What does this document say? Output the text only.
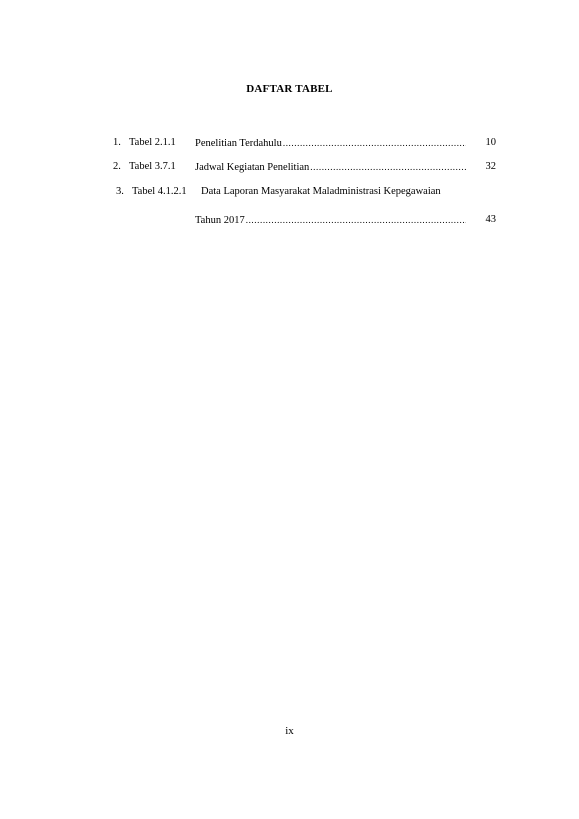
DAFTAR TABEL
1. Tabel 2.1.1 Penelitian Terdahulu .....	10
2. Tabel 3.7.1 Jadwal Kegiatan Penelitian .....	32
3. Tabel 4.1.2.1 Data Laporan Masyarakat Maladministrasi Kepegawaian
Tahun 2017 .....	43
ix
